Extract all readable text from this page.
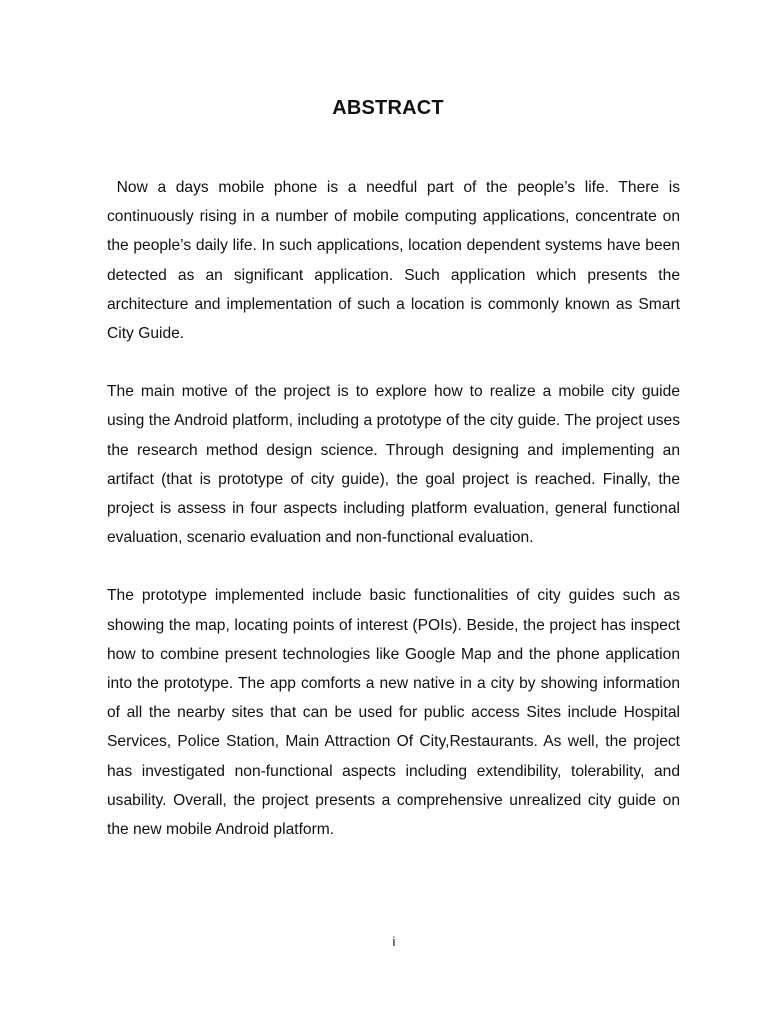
ABSTRACT

Now a days mobile phone is a needful part of the people’s life. There is continuously rising in a number of mobile computing applications, concentrate on the people’s daily life. In such applications, location dependent systems have been detected as an significant application. Such application which presents the architecture and implementation of such a location is commonly known as Smart City Guide.

The main motive of the project is to explore how to realize a mobile city guide using the Android platform, including a prototype of the city guide. The project uses the research method design science. Through designing and implementing an artifact (that is prototype of city guide), the goal project is reached. Finally, the project is assess in four aspects including platform evaluation, general functional evaluation, scenario evaluation and non-functional evaluation.

The prototype implemented include basic functionalities of city guides such as showing the map, locating points of interest (POIs). Beside, the project has inspect how to combine present technologies like Google Map and the phone application into the prototype. The app comforts a new native in a city by showing information of all the nearby sites that can be used for public access Sites include Hospital Services, Police Station, Main Attraction Of City,Restaurants. As well, the project has investigated non-functional aspects including extendibility, tolerability, and usability. Overall, the project presents a comprehensive unrealized city guide on the new mobile Android platform.

i
